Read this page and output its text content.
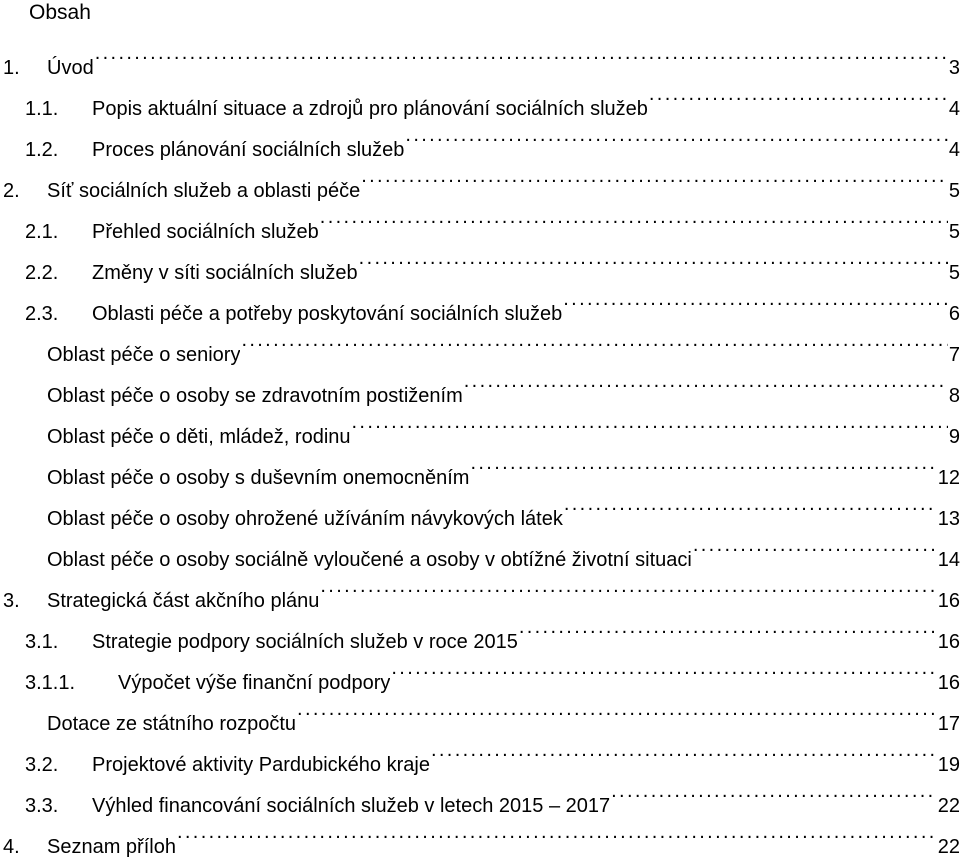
Obsah
1.	Úvod . . .	3
1.1.	Popis aktuální situace a zdrojů pro plánování sociálních služeb . . .	4
1.2.	Proces plánování sociálních služeb . . .	4
2.	Síť sociálních služeb a oblasti péče . . .	5
2.1.	Přehled sociálních služeb . . .	5
2.2.	Změny v síti sociálních služeb . . .	5
2.3.	Oblasti péče a potřeby poskytování sociálních služeb . . .	6
Oblast péče o seniory . . .	7
Oblast péče o osoby se zdravotním postižením . . .	8
Oblast péče o děti, mládež, rodinu . . .	9
Oblast péče o osoby s duševním onemocněním . . .	12
Oblast péče o osoby ohrožené užíváním návykových látek . . .	13
Oblast péče o osoby sociálně vyloučené a osoby v obtížné životní situaci . . .	14
3.	Strategická část akčního plánu . . .	16
3.1.	Strategie podpory sociálních služeb v roce 2015 . . .	16
3.1.1.	Výpočet výše finanční podpory . . .	16
Dotace ze státního rozpočtu . . .	17
3.2.	Projektové aktivity Pardubického kraje . . .	19
3.3.	Výhled financování sociálních služeb v letech 2015 – 2017 . . .	22
4.	Seznam příloh . . .	22
